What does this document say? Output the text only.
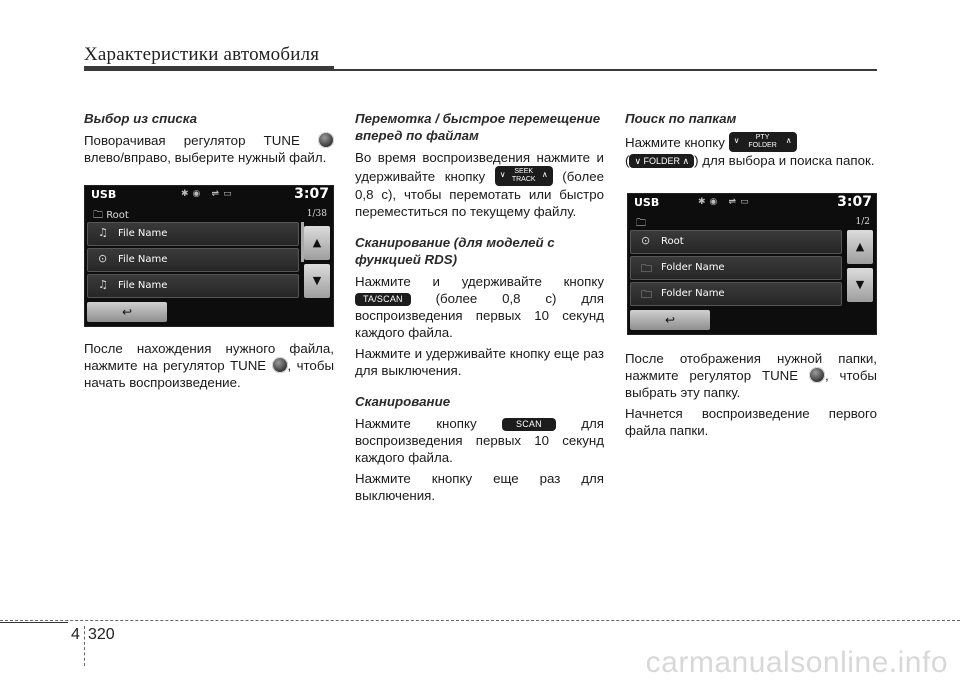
Характеристики автомобиля
Выбор из списка

Поворачивая регулятор TUNE  влево/вправо, выберите нужный файл.

USB	✱◉ ⇌▭	3:07
🗀 Root	1/38
♫ File Name
⊙ File Name
♫ File Name
▲
▼
↩

После нахождения нужного файла, нажмите на регулятор TUNE , чтобы начать воспроизведение.

Перемотка / быстрое перемещение вперед по файлам

Во время воспроизведения нажмите и удерживайте кнопку ∨	SEEK
TRACK
∧ (более 0,8 с), чтобы перемотать или быстро переместиться по текущему файлу.

Сканирование (для моделей с функцией RDS)

Нажмите и удерживайте кнопку TA/SCAN (более 0,8 с) для воспроизведения первых 10 секунд каждого файла.

Нажмите и удерживайте кнопку еще раз для выключения.

Сканирование

Нажмите кнопку	SCAN	для воспроизведения первых 10 секунд каждого файла.

Нажмите кнопку еще раз для выключения.

Поиск по папкам

Нажмите кнопку ∨	PTY
FOLDER
∧

( ∨ FOLDER ∧ ) для выбора и поиска папок.

USB	✱◉ ⇌▭	3:07
🗀	1/2
⊙ Root
🗀 Folder Name
🗀 Folder Name
▲
▼
↩

После отображения нужной папки, нажмите регулятор TUNE , чтобы выбрать эту папку.

Начнется воспроизведение первого файла папки.

4 320
carmanualsonline.info
